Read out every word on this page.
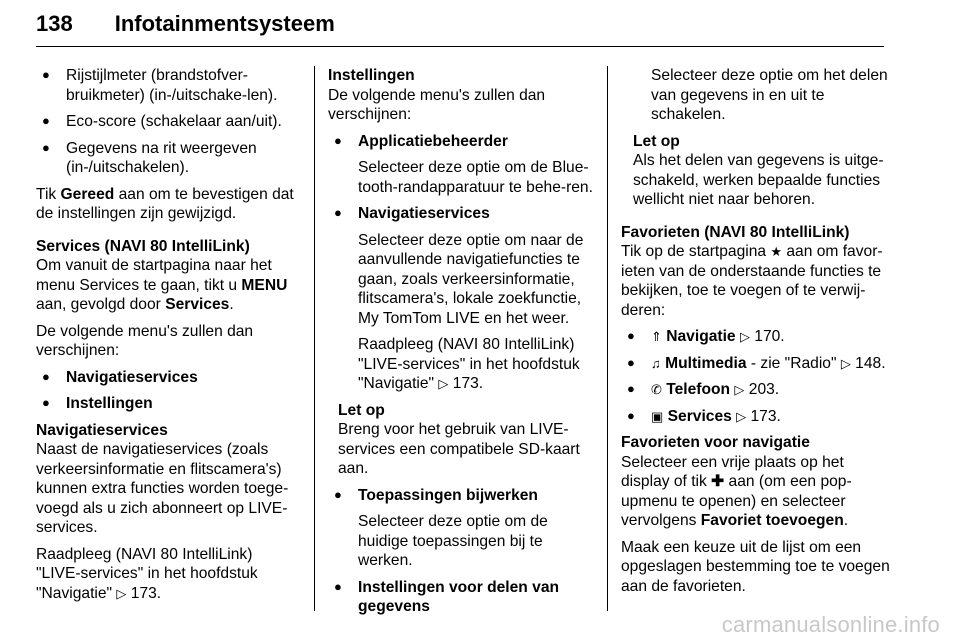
138 Infotainmentsysteem
● Rijstijlmeter (brandstofver-bruikmeter) (in-/uitschake-len).
● Eco-score (schakelaar aan/uit).
● Gegevens na rit weergeven (in-/uitschakelen).

Tik Gereed aan om te bevestigen dat de instellingen zijn gewijzigd.

Services (NAVI 80 IntelliLink)

Om vanuit de startpagina naar het menu Services te gaan, tikt u MENU aan, gevolgd door Services.

De volgende menu's zullen dan verschijnen:

● Navigatieservices
● Instellingen
Navigatieservices

Naast de navigatieservices (zoals verkeersinformatie en flitscamera's) kunnen extra functies worden toege-voegd als u zich abonneert op LIVE-services.

Raadpleeg (NAVI 80 IntelliLink) "LIVE-services" in het hoofdstuk "Navigatie" ▷ 173.

Instellingen

De volgende menu's zullen dan verschijnen:

● Applicatiebeheerder
Selecteer deze optie om de Blue-tooth-randapparatuur te behe-ren.
● Navigatieservices
Selecteer deze optie om naar de aanvullende navigatiefuncties te gaan, zoals verkeersinformatie, flitscamera's, lokale zoekfunctie, My TomTom LIVE en het weer.
Raadpleeg (NAVI 80 IntelliLink) "LIVE-services" in het hoofdstuk "Navigatie" ▷ 173.
Let op
Breng voor het gebruik van LIVE-services een compatibele SD-kaart aan.
● Toepassingen bijwerken
Selecteer deze optie om de huidige toepassingen bij te werken.
● Instellingen voor delen van gegevens
Selecteer deze optie om het delen van gegevens in en uit te schakelen.
Let op
Als het delen van gegevens is uitge-schakeld, werken bepaalde functies wellicht niet naar behoren.
Favorieten (NAVI 80 IntelliLink)

Tik op de startpagina ★ aan om favor-ieten van de onderstaande functies te bekijken, toe te voegen of te verwij-deren:

● ⇑ Navigatie ▷ 170.
● ♫ Multimedia - zie "Radio" ▷ 148.
● ✆ Telefoon ▷ 203.
● ▣ Services ▷ 173.
Favorieten voor navigatie

Selecteer een vrije plaats op het display of tik ✚ aan (om een pop-upmenu te openen) en selecteer vervolgens Favoriet toevoegen.

Maak een keuze uit de lijst om een opgeslagen bestemming toe te voegen aan de favorieten.

carmanualsonline.info
